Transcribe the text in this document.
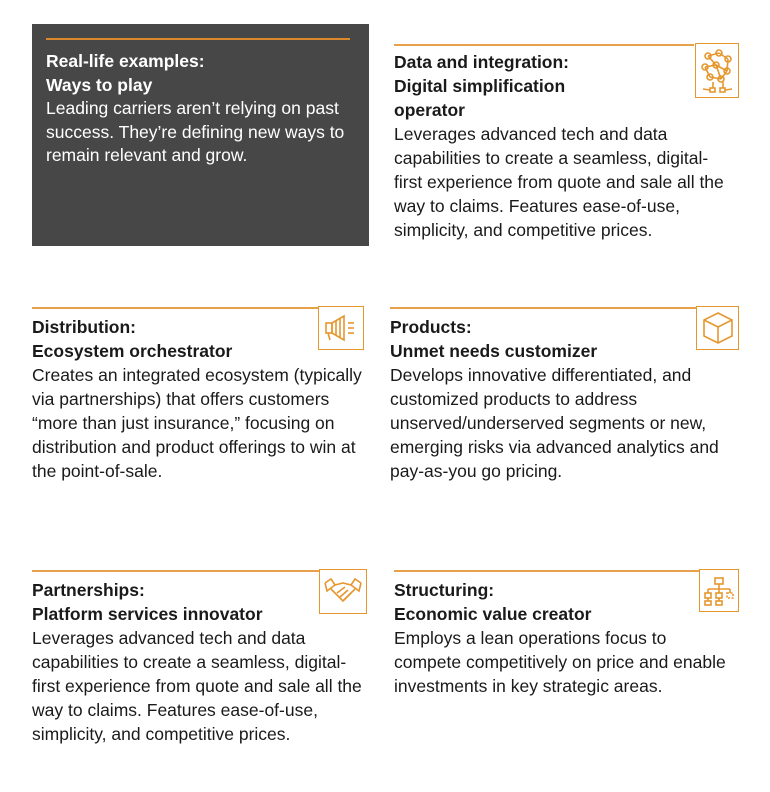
Real-life examples:
Ways to play
Leading carriers aren’t relying on past success. They’re defining new ways to remain relevant and grow.
Data and integration:
Digital simplification operator
Leverages advanced tech and data capabilities to create a seamless, digital-first experience from quote and sale all the way to claims. Features ease-of-use, simplicity, and competitive prices.
Distribution:
Ecosystem orchestrator
Creates an integrated ecosystem (typically via partnerships) that offers customers “more than just insurance,” focusing on distribution and product offerings to win at the point-of-sale.
Products:
Unmet needs customizer
Develops innovative differentiated, and customized products to address unserved/underserved segments or new, emerging risks via advanced analytics and pay-as-you go pricing.
Partnerships:
Platform services innovator
Leverages advanced tech and data capabilities to create a seamless, digital-first experience from quote and sale all the way to claims. Features ease-of-use, simplicity, and competitive prices.
Structuring:
Economic value creator
Employs a lean operations focus to compete competitively on price and enable investments in key strategic areas.
